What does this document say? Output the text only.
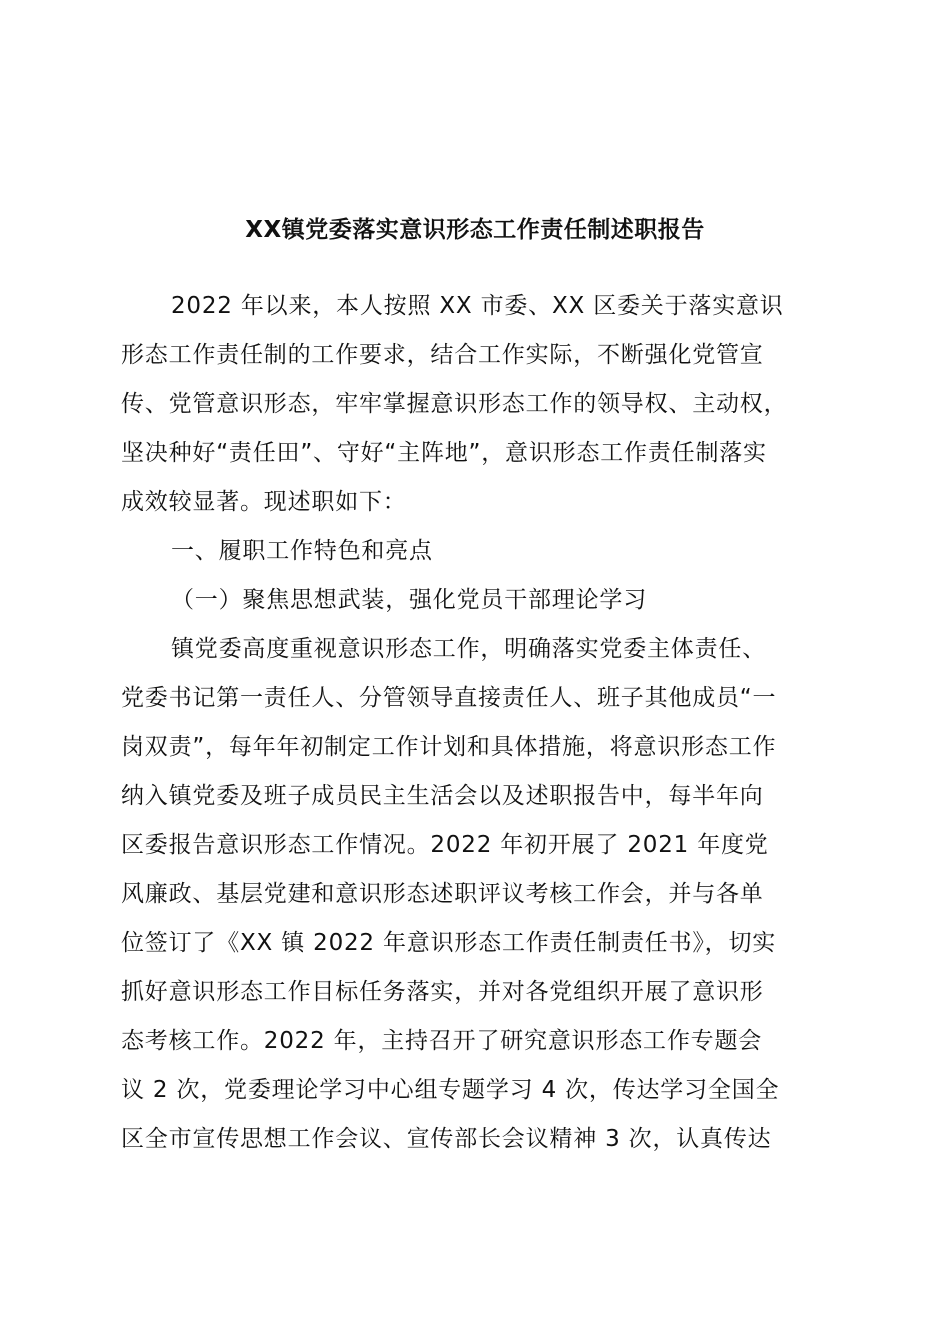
XX镇党委落实意识形态工作责任制述职报告
2022 年以来，本人按照 XX 市委、XX 区委关于落实意识
形态工作责任制的工作要求，结合工作实际，不断强化党管宣
传、党管意识形态，牢牢掌握意识形态工作的领导权、主动权，
坚决种好“责任田”、守好“主阵地”，意识形态工作责任制落实
成效较显著。现述职如下：
一、履职工作特色和亮点
（一）聚焦思想武装，强化党员干部理论学习
镇党委高度重视意识形态工作，明确落实党委主体责任、
党委书记第一责任人、分管领导直接责任人、班子其他成员“一
岗双责”，每年年初制定工作计划和具体措施，将意识形态工作
纳入镇党委及班子成员民主生活会以及述职报告中，每半年向
区委报告意识形态工作情况。2022 年初开展了 2021 年度党
风廉政、基层党建和意识形态述职评议考核工作会，并与各单
位签订了《XX 镇 2022 年意识形态工作责任制责任书》，切实
抓好意识形态工作目标任务落实，并对各党组织开展了意识形
态考核工作。2022 年，主持召开了研究意识形态工作专题会
议 2 次，党委理论学习中心组专题学习 4 次，传达学习全国全
区全市宣传思想工作会议、宣传部长会议精神 3 次，认真传达
